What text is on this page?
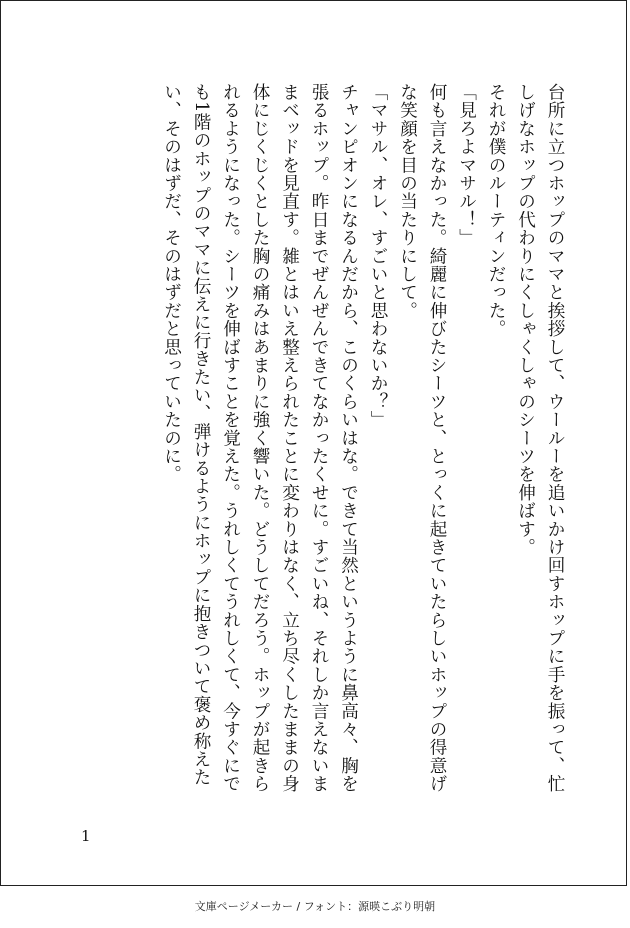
台所に立つホップのママと挨拶して、ウールーを追いかけ回すホップに手を振って、忙しげなホップの代わりにくしゃくしゃのシーツを伸ばす。

それが僕のルーティンだった。

「見ろよマサル！」

何も言えなかった。綺麗に伸びたシーツと、とっくに起きていたらしいホップの得意げな笑顔を目の当たりにして。

「マサル、オレ、すごいと思わないか？」

チャンピオンになるんだから、このくらいはな。できて当然というように鼻高々、胸を張るホップ。昨日までぜんぜんできてなかったくせに。すごいね、それしか言えないままベッドを見直す。雑とはいえ整えられたことに変わりはなく、立ち尽くしたままの身体にじくじくとした胸の痛みはあまりに強く響いた。どうしてだろう。ホップが起きられるようになった。シーツを伸ばすことを覚えた。うれしくてうれしくて、今すぐにでも1階のホップのママに伝えに行きたい、弾けるようにホップに抱きついて褒め称えたい、そのはずだ、そのはずだと思っていたのに。

1
文庫ページメーカー / フォント：源暎こぶり明朝
